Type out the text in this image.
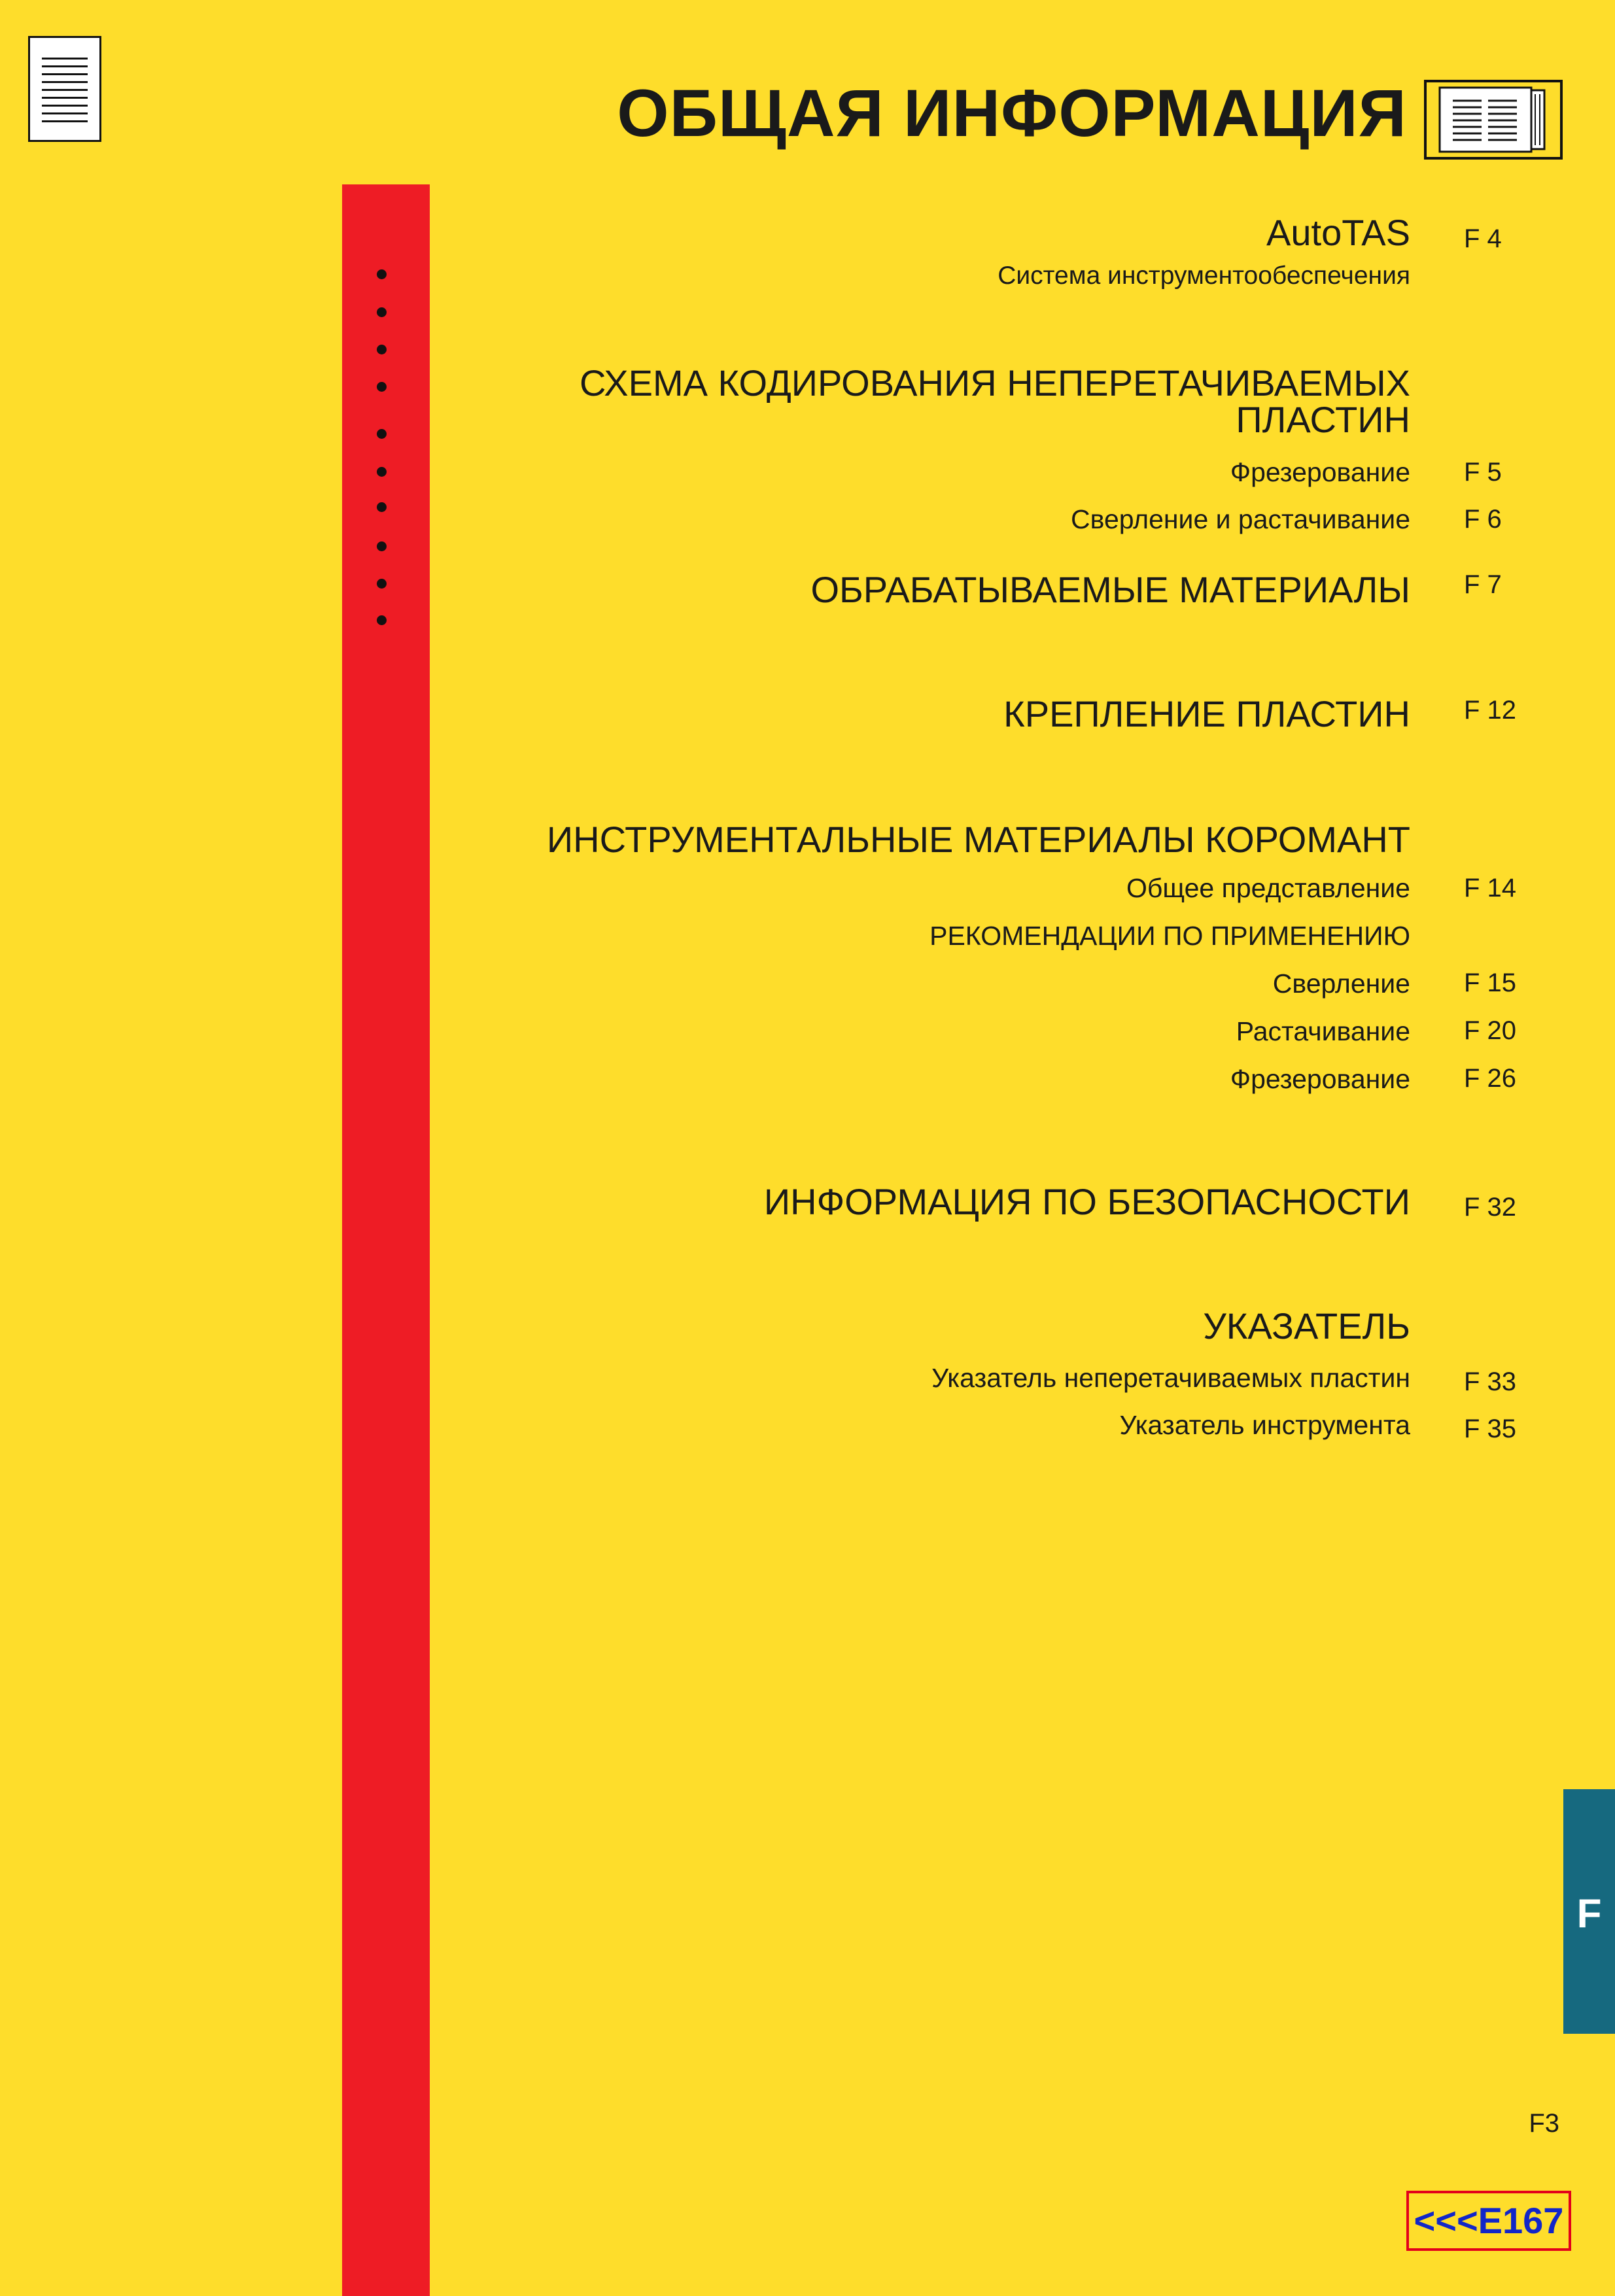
ОБЩАЯ ИНФОРМАЦИЯ
AutoTAS F 4
Система инструментообеспечения
СХЕМА КОДИРОВАНИЯ НЕПЕРЕТАЧИВАЕМЫХ
ПЛАСТИН
Фрезерование F 5
Сверление и растачивание F 6
ОБРАБАТЫВАЕМЫЕ МАТЕРИАЛЫ F 7
КРЕПЛЕНИЕ ПЛАСТИН F 12
ИНСТРУМЕНТАЛЬНЫЕ МАТЕРИАЛЫ КОРОМАНТ
Общее представление F 14
РЕКОМЕНДАЦИИ ПО ПРИМЕНЕНИЮ
Сверление F 15
Растачивание F 20
Фрезерование F 26
ИНФОРМАЦИЯ ПО БЕЗОПАСНОСТИ F 32
УКАЗАТЕЛЬ
Указатель неперетачиваемых пластин F 33
Указатель инструмента F 35
F
F3
<<<E167
